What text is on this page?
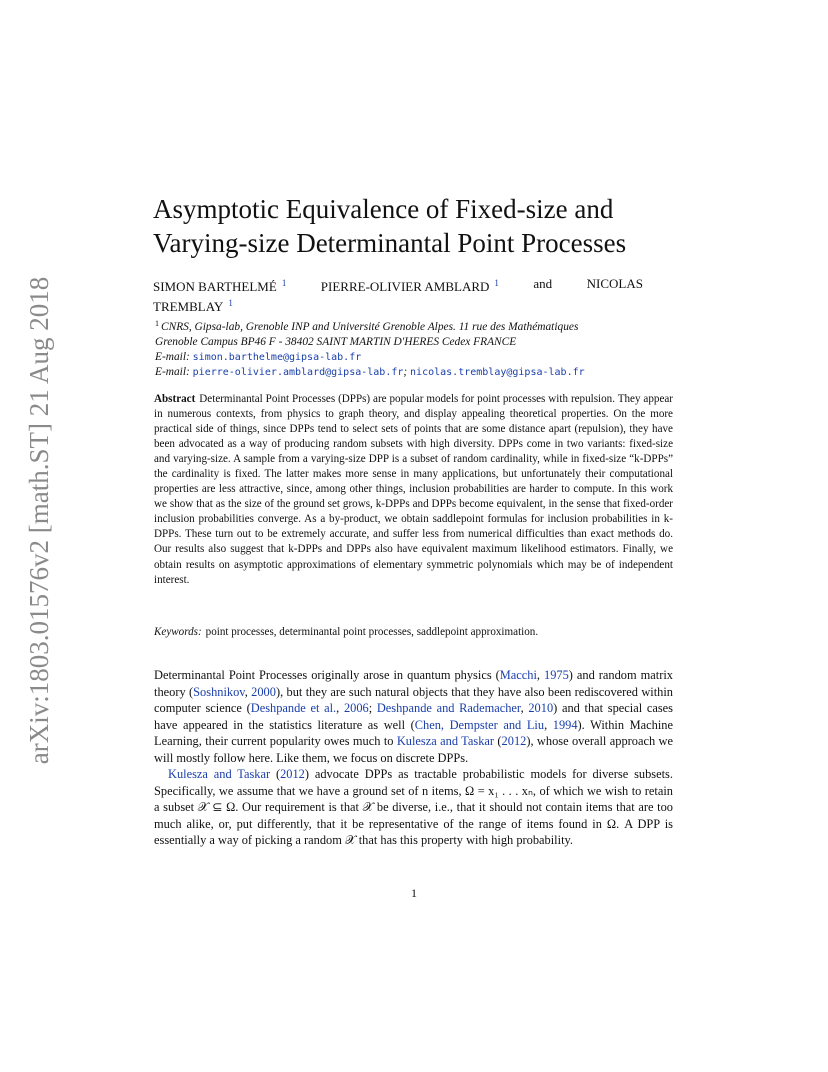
arXiv:1803.01576v2 [math.ST] 21 Aug 2018
Asymptotic Equivalence of Fixed-size and
Varying-size Determinantal Point Processes
SIMON BARTHELMÉ $^1$	PIERRE-OLIVIER AMBLARD $^1$	and	NICOLAS
TREMBLAY $^1$
$^1$ CNRS, Gipsa-lab, Grenoble INP and Université Grenoble Alpes. 11 rue des Mathématiques
Grenoble Campus BP46 F - 38402 SAINT MARTIN D'HERES Cedex FRANCE
E-mail: simon.barthelme@gipsa-lab.fr
E-mail: pierre-olivier.amblard@gipsa-lab.fr; nicolas.tremblay@gipsa-lab.fr

Abstract Determinantal Point Processes (DPPs) are popular models for point processes with repulsion. They appear in numerous contexts, from physics to graph theory, and display appealing theoretical properties. On the more practical side of things, since DPPs tend to select sets of points that are some distance apart (repulsion), they have been advocated as a way of producing random subsets with high diversity. DPPs come in two variants: fixed-size and varying-size. A sample from a varying-size DPP is a subset of random cardinality, while in fixed-size “k-DPPs” the cardinality is fixed. The latter makes more sense in many applications, but unfortunately their computational properties are less attractive, since, among other things, inclusion probabilities are harder to compute. In this work we show that as the size of the ground set grows, k-DPPs and DPPs become equivalent, in the sense that fixed-order inclusion probabilities converge. As a by-product, we obtain saddlepoint formulas for inclusion probabilities in k-DPPs. These turn out to be extremely accurate, and suffer less from numerical difficulties than exact methods do. Our results also suggest that k-DPPs and DPPs also have equivalent maximum likelihood estimators. Finally, we obtain results on asymptotic approximations of elementary symmetric polynomials which may be of independent interest.

Keywords: point processes, determinantal point processes, saddlepoint approximation.

Determinantal Point Processes originally arose in quantum physics (Macchi, 1975) and random matrix theory (Soshnikov, 2000), but they are such natural objects that they have also been rediscovered within computer science (Deshpande et al., 2006; Deshpande and Rademacher, 2010) and that special cases have appeared in the statistics literature as well (Chen, Dempster and Liu, 1994). Within Machine Learning, their current popularity owes much to Kulesza and Taskar (2012), whose overall approach we will mostly follow here. Like them, we focus on discrete DPPs.

Kulesza and Taskar (2012) advocate DPPs as tractable probabilistic models for diverse subsets. Specifically, we assume that we have a ground set of n items, Ω = x₁ . . . xₙ, of which we wish to retain a subset 𝒳 ⊆ Ω. Our requirement is that 𝒳 be diverse, i.e., that it should not contain items that are too much alike, or, put differently, that it be representative of the range of items found in Ω. A DPP is essentially a way of picking a random 𝒳 that has this property with high probability.

1
